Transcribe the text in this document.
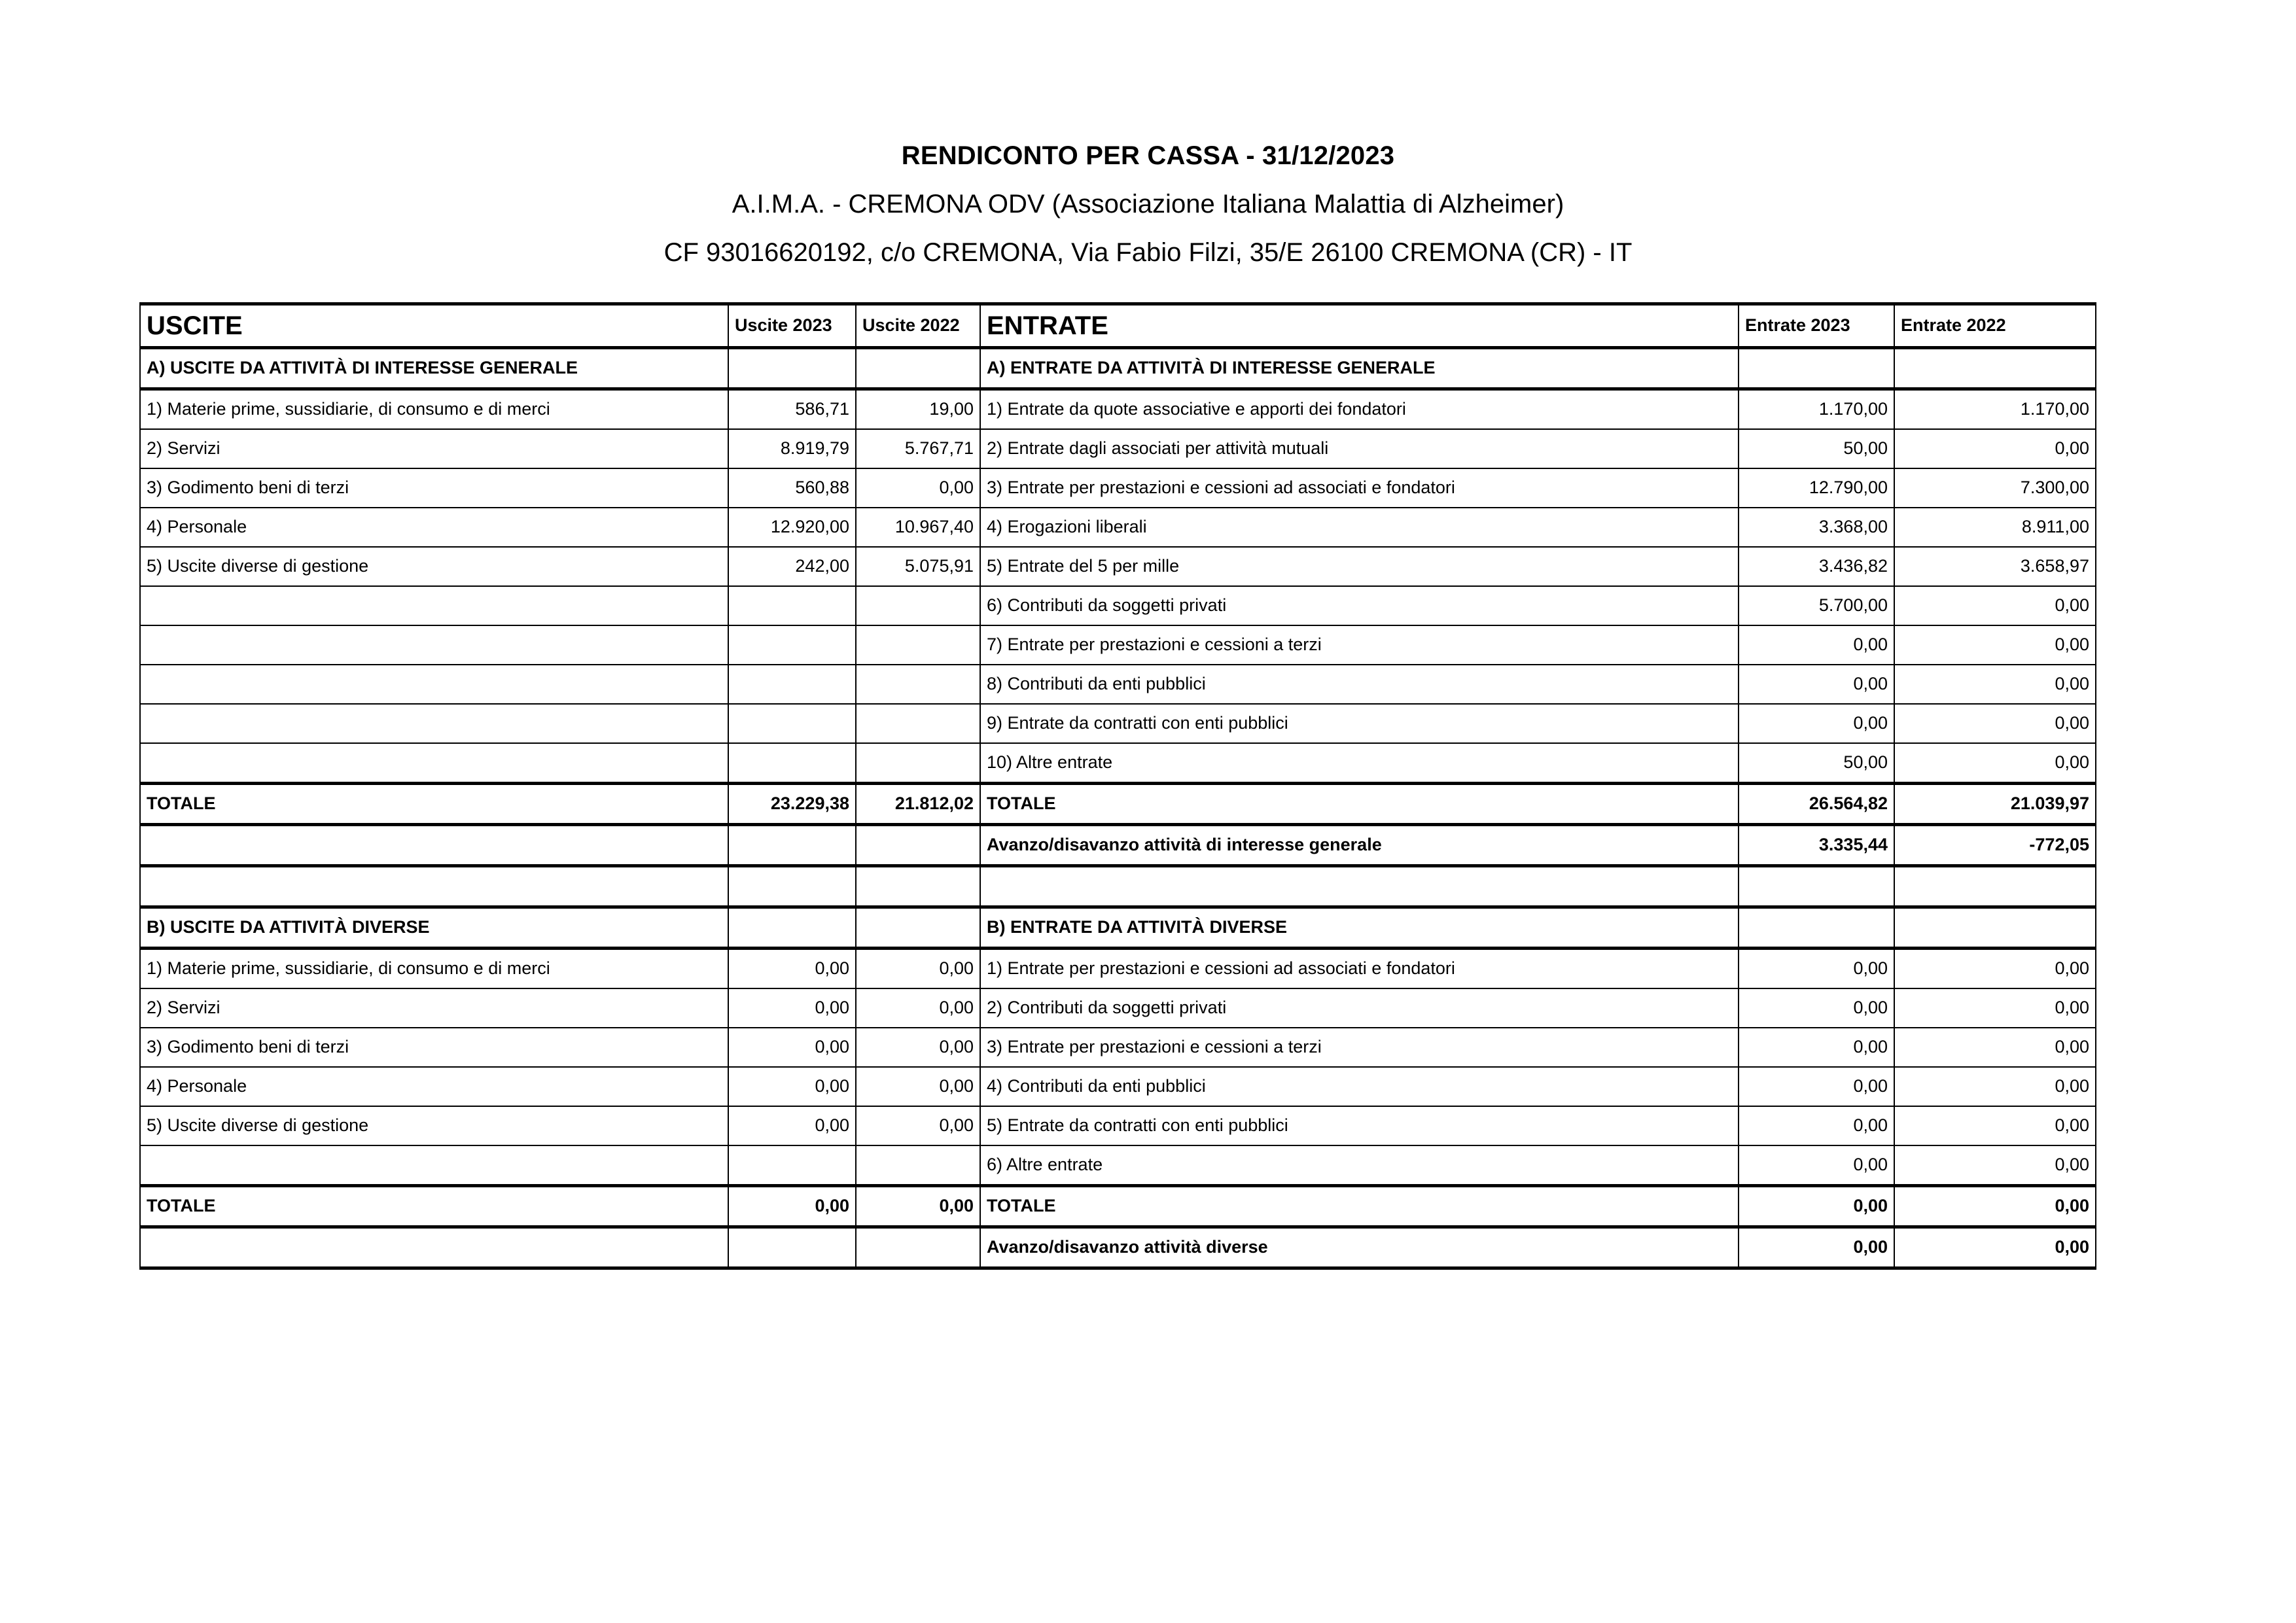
RENDICONTO PER CASSA - 31/12/2023
A.I.M.A. - CREMONA ODV (Associazione Italiana Malattia di Alzheimer)
CF 93016620192, c/o CREMONA, Via Fabio Filzi, 35/E 26100 CREMONA (CR) - IT
USCITE	Uscite 2023	Uscite 2022	ENTRATE	Entrate 2023	Entrate 2022
A) USCITE DA ATTIVITÀ DI INTERESSE GENERALE			A) ENTRATE DA ATTIVITÀ DI INTERESSE GENERALE		
1) Materie prime, sussidiarie, di consumo e di merci	586,71	19,00	1) Entrate da quote associative e apporti dei fondatori	1.170,00	1.170,00
2) Servizi	8.919,79	5.767,71	2) Entrate dagli associati per attività mutuali	50,00	0,00
3) Godimento beni di terzi	560,88	0,00	3) Entrate per prestazioni e cessioni ad associati e fondatori	12.790,00	7.300,00
4) Personale	12.920,00	10.967,40	4) Erogazioni liberali	3.368,00	8.911,00
5) Uscite diverse di gestione	242,00	5.075,91	5) Entrate del 5 per mille	3.436,82	3.658,97
			6) Contributi da soggetti privati	5.700,00	0,00
			7) Entrate per prestazioni e cessioni a terzi	0,00	0,00
			8) Contributi da enti pubblici	0,00	0,00
			9) Entrate da contratti con enti pubblici	0,00	0,00
			10) Altre entrate	50,00	0,00
TOTALE	23.229,38	21.812,02	TOTALE	26.564,82	21.039,97
			Avanzo/disavanzo attività di interesse generale	3.335,44	-772,05

B) USCITE DA ATTIVITÀ DIVERSE			B) ENTRATE DA ATTIVITÀ DIVERSE		
1) Materie prime, sussidiarie, di consumo e di merci	0,00	0,00	1) Entrate per prestazioni e cessioni ad associati e fondatori	0,00	0,00
2) Servizi	0,00	0,00	2) Contributi da soggetti privati	0,00	0,00
3) Godimento beni di terzi	0,00	0,00	3) Entrate per prestazioni e cessioni a terzi	0,00	0,00
4) Personale	0,00	0,00	4) Contributi da enti pubblici	0,00	0,00
5) Uscite diverse di gestione	0,00	0,00	5) Entrate da contratti con enti pubblici	0,00	0,00
			6) Altre entrate	0,00	0,00
TOTALE	0,00	0,00	TOTALE	0,00	0,00
			Avanzo/disavanzo attività diverse	0,00	0,00
